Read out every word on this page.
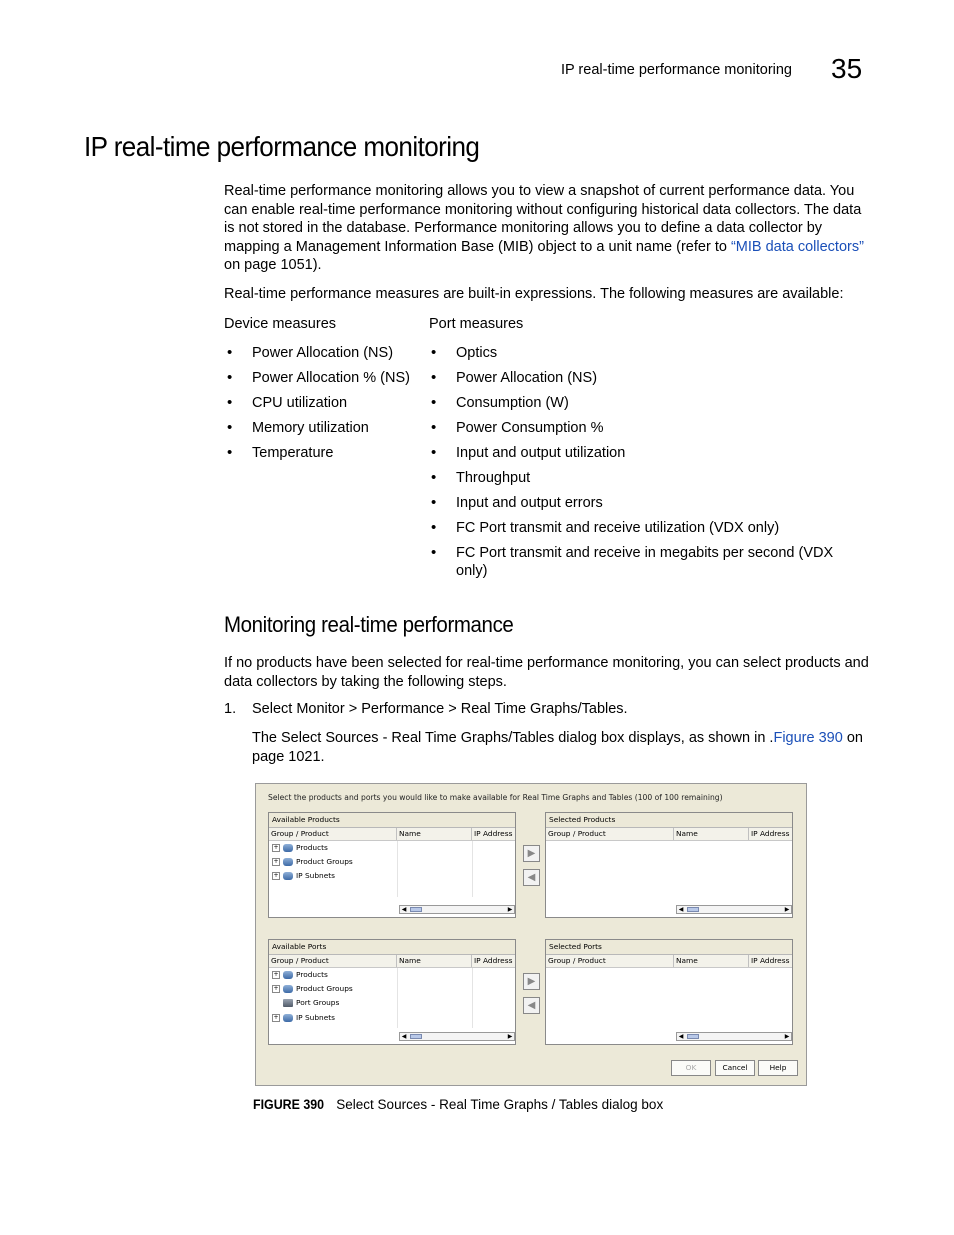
IP real-time performance monitoring 35
IP real-time performance monitoring

Real-time performance monitoring allows you to view a snapshot of current performance data. You can enable real-time performance monitoring without configuring historical data collectors. The data is not stored in the database. Performance monitoring allows you to define a data collector by mapping a Management Information Base (MIB) object to a unit name (refer to “MIB data collectors” on page 1051).

Real-time performance measures are built-in expressions. The following measures are available:

Device measures	Port measures
• Power Allocation (NS)
• Power Allocation % (NS)
• CPU utilization
• Memory utilization
• Temperature
• Optics
• Power Allocation (NS)
• Consumption (W)
• Power Consumption %
• Input and output utilization
• Throughput
• Input and output errors
• FC Port transmit and receive utilization (VDX only)
• FC Port transmit and receive in megabits per second (VDX only)
Monitoring real-time performance

If no products have been selected for real-time performance monitoring, you can select products and data collectors by taking the following steps.

1. Select Monitor > Performance > Real Time Graphs/Tables.

The Select Sources - Real Time Graphs/Tables dialog box displays, as shown in .Figure 390 on page 1021.

Select the products and ports you would like to make available for Real Time Graphs and Tables (100 of 100 remaining)
Available Products
Group / Product	Name	IP Address
+ Products
+ Product Groups
+ IP Subnets
◀	▶
▶
◀
Selected Products
Group / Product	Name	IP Address
◀	▶
Available Ports
Group / Product	Name	IP Address
+ Products
+ Product Groups
Port Groups
+ IP Subnets
◀	▶
▶
◀
Selected Ports
Group / Product	Name	IP Address
◀	▶
OK	Cancel	Help
FIGURE 390 Select Sources - Real Time Graphs / Tables dialog box
